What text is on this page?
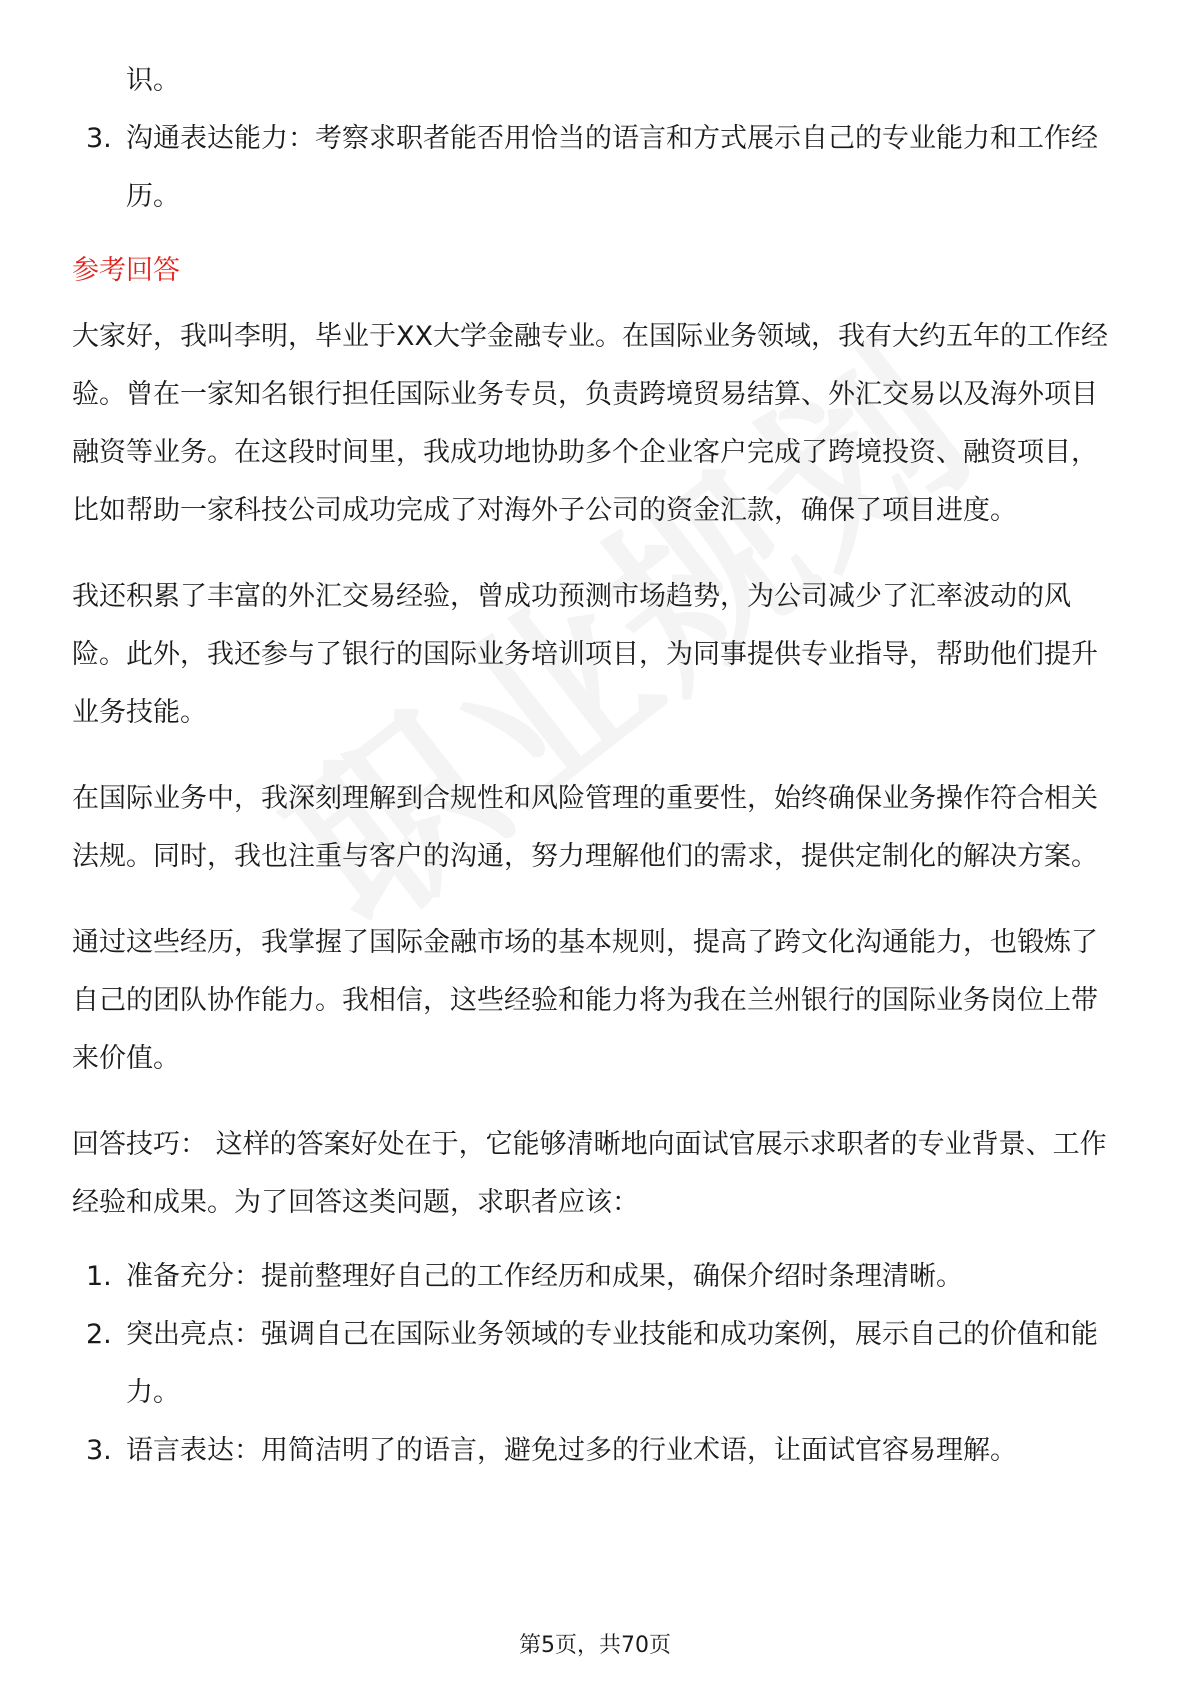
识。
3. 沟通表达能力：考察求职者能否用恰当的语言和方式展示自己的专业能力和工作经历。
参考回答

大家好，我叫李明，毕业于XX大学金融专业。在国际业务领域，我有大约五年的工作经验。曾在一家知名银行担任国际业务专员，负责跨境贸易结算、外汇交易以及海外项目融资等业务。在这段时间里，我成功地协助多个企业客户完成了跨境投资、融资项目，比如帮助一家科技公司成功完成了对海外子公司的资金汇款，确保了项目进度。

我还积累了丰富的外汇交易经验，曾成功预测市场趋势，为公司减少了汇率波动的风险。此外，我还参与了银行的国际业务培训项目，为同事提供专业指导，帮助他们提升业务技能。

在国际业务中，我深刻理解到合规性和风险管理的重要性，始终确保业务操作符合相关法规。同时，我也注重与客户的沟通，努力理解他们的需求，提供定制化的解决方案。

通过这些经历，我掌握了国际金融市场的基本规则，提高了跨文化沟通能力，也锻炼了自己的团队协作能力。我相信，这些经验和能力将为我在兰州银行的国际业务岗位上带来价值。

回答技巧： 这样的答案好处在于，它能够清晰地向面试官展示求职者的专业背景、工作经验和成果。为了回答这类问题，求职者应该：

1. 准备充分：提前整理好自己的工作经历和成果，确保介绍时条理清晰。
2. 突出亮点：强调自己在国际业务领域的专业技能和成功案例，展示自己的价值和能力。
3. 语言表达：用简洁明了的语言，避免过多的行业术语，让面试官容易理解。
第5页，共70页
